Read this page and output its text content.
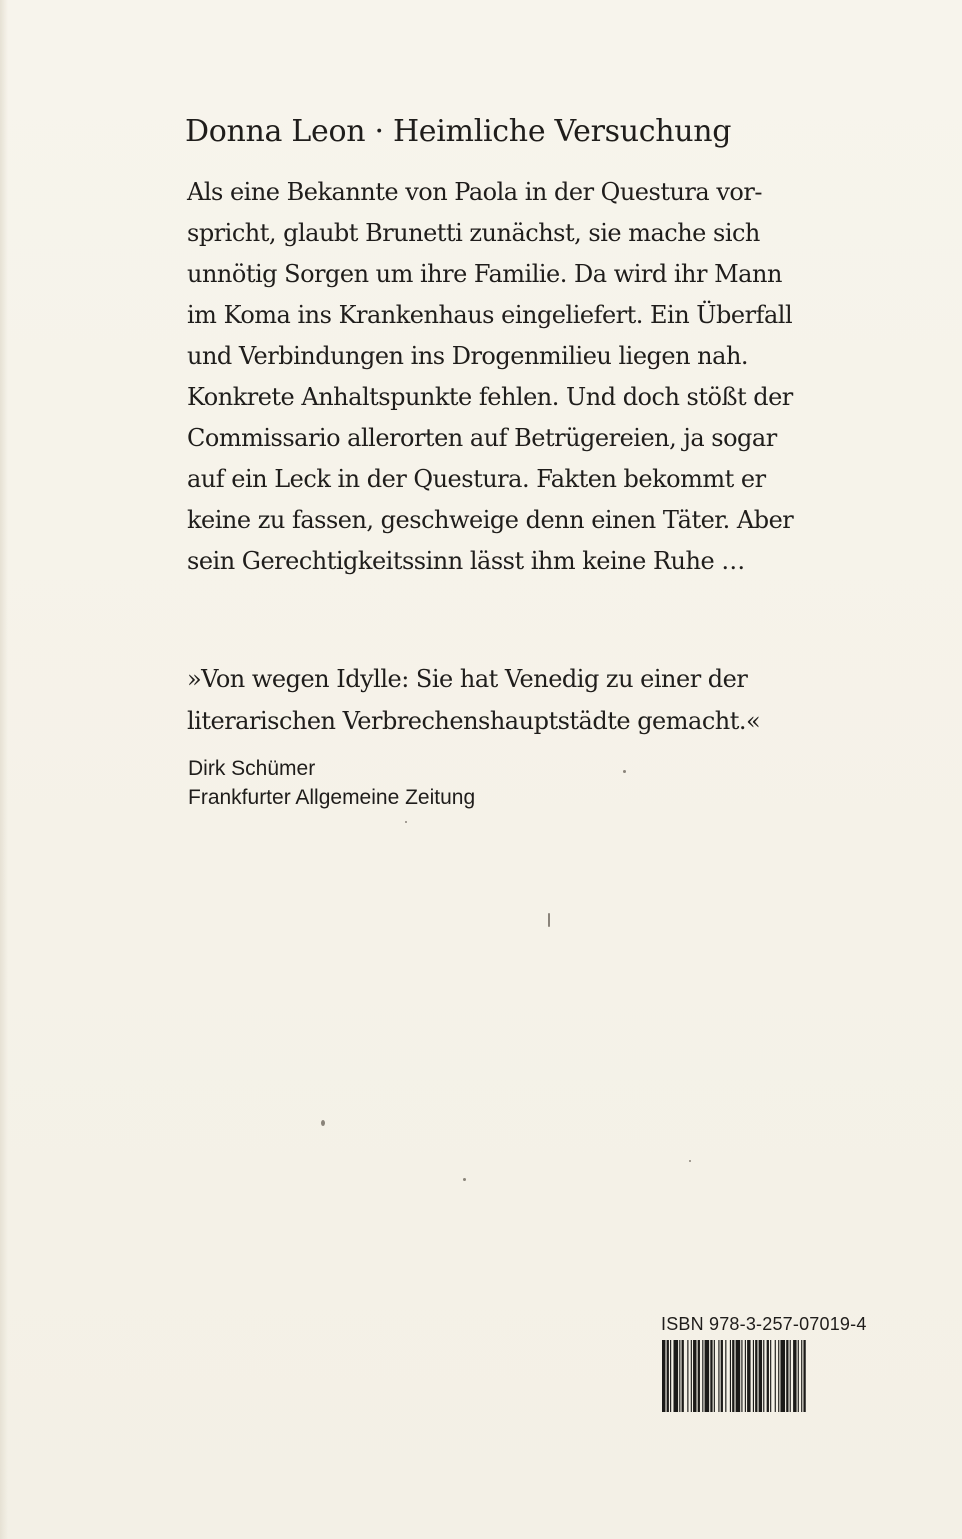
Donna Leon · Heimliche Versuchung
Als eine Bekannte von Paola in der Questura vor-
spricht, glaubt Brunetti zunächst, sie mache sich
unnötig Sorgen um ihre Familie. Da wird ihr Mann
im Koma ins Krankenhaus eingeliefert. Ein Überfall
und Verbindungen ins Drogenmilieu liegen nah.
Konkrete Anhaltspunkte fehlen. Und doch stößt der
Commissario allerorten auf Betrügereien, ja sogar
auf ein Leck in der Questura. Fakten bekommt er
keine zu fassen, geschweige denn einen Täter. Aber
sein Gerechtigkeitssinn lässt ihm keine Ruhe …
»Von wegen Idylle: Sie hat Venedig zu einer der
literarischen Verbrechenshauptstädte gemacht.«
Dirk Schümer
Frankfurter Allgemeine Zeitung
ISBN 978-3-257-07019-4
